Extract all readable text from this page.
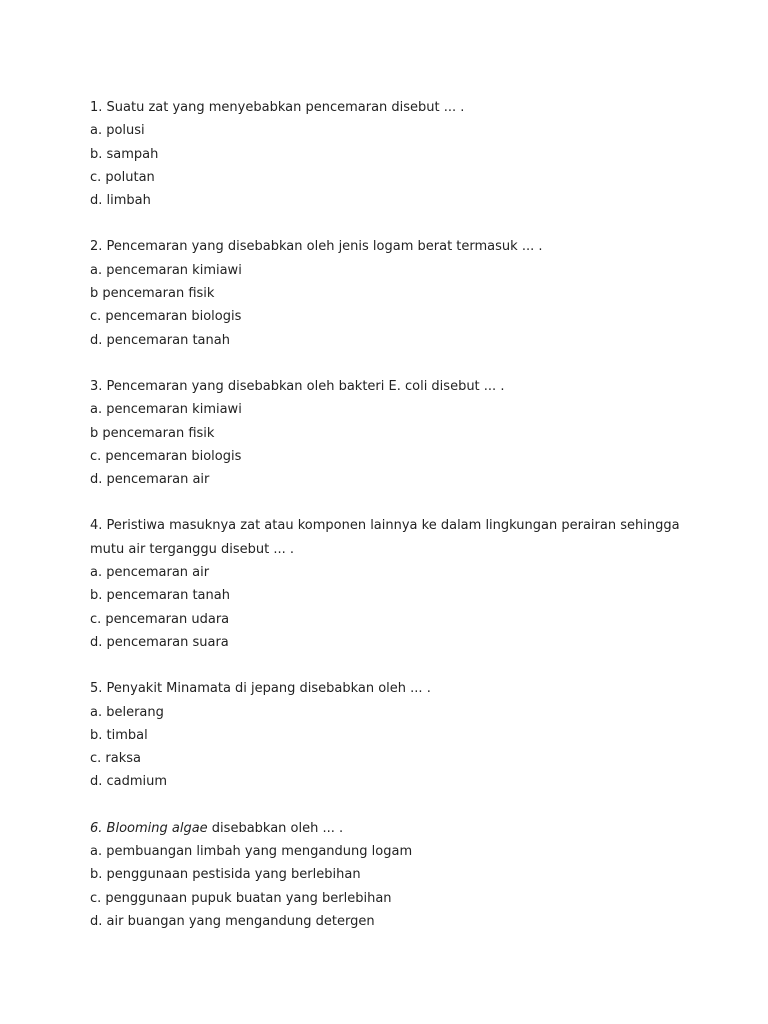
1. Suatu zat yang menyebabkan pencemaran disebut ... .
a. polusi
b. sampah
c. polutan
d. limbah
2. Pencemaran yang disebabkan oleh jenis logam berat termasuk ... .
a. pencemaran kimiawi
b pencemaran fisik
c. pencemaran biologis
d. pencemaran tanah
3. Pencemaran yang disebabkan oleh bakteri E. coli disebut ... .
a. pencemaran kimiawi
b pencemaran fisik
c. pencemaran biologis
d. pencemaran air
4. Peristiwa masuknya zat atau komponen lainnya ke dalam lingkungan perairan sehingga
mutu air terganggu disebut ... .
a. pencemaran air
b. pencemaran tanah
c. pencemaran udara
d. pencemaran suara
5. Penyakit Minamata di jepang disebabkan oleh ... .
a. belerang
b. timbal
c. raksa
d. cadmium
6. Blooming algae disebabkan oleh ... .
a. pembuangan limbah yang mengandung logam
b. penggunaan pestisida yang berlebihan
c. penggunaan pupuk buatan yang berlebihan
d. air buangan yang mengandung detergen
